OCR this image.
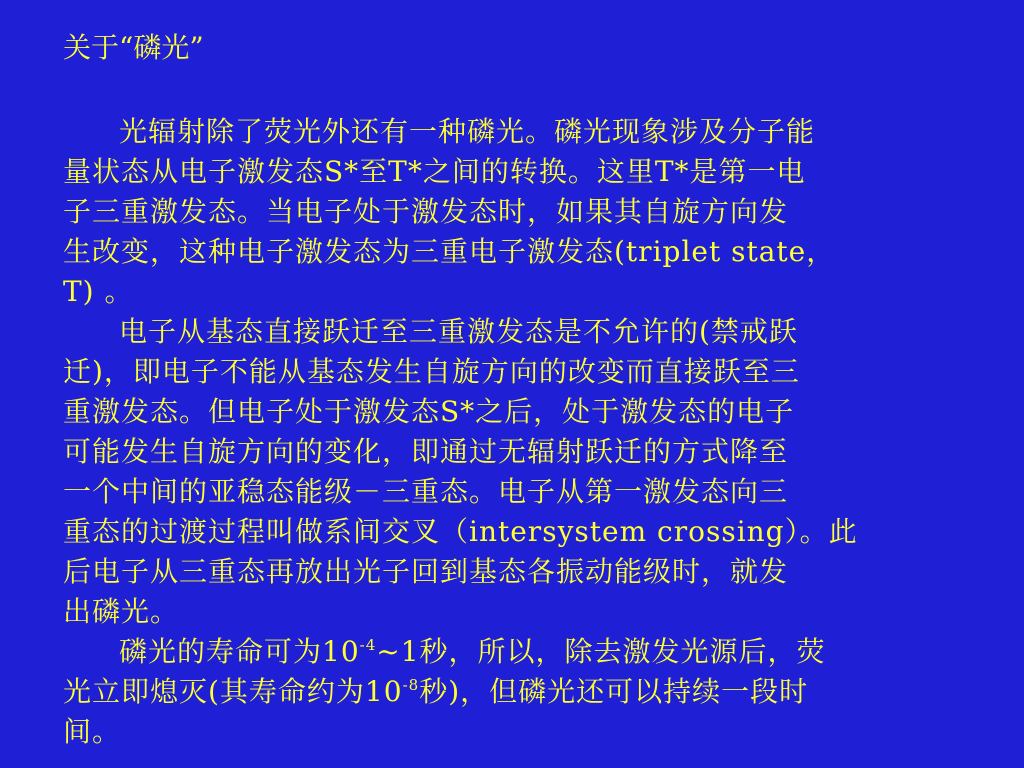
关于“磷光”
光辐射除了荧光外还有一种磷光。磷光现象涉及分子能
量状态从电子激发态S*至T*之间的转换。这里T*是第一电
子三重激发态。当电子处于激发态时，如果其自旋方向发
生改变，这种电子激发态为三重电子激发态(triplet state，
T) 。
电子从基态直接跃迁至三重激发态是不允许的(禁戒跃
迁)，即电子不能从基态发生自旋方向的改变而直接跃至三
重激发态。但电子处于激发态S*之后，处于激发态的电子
可能发生自旋方向的变化，即通过无辐射跃迁的方式降至
一个中间的亚稳态能级－三重态。电子从第一激发态向三
重态的过渡过程叫做系间交叉（intersystem crossing）。此
后电子从三重态再放出光子回到基态各振动能级时，就发
出磷光。
磷光的寿命可为$10^{-4}\sim 1$秒，所以，除去激发光源后，荧
光立即熄灭(其寿命约为$10^{-8}$秒)，但磷光还可以持续一段时
间。
